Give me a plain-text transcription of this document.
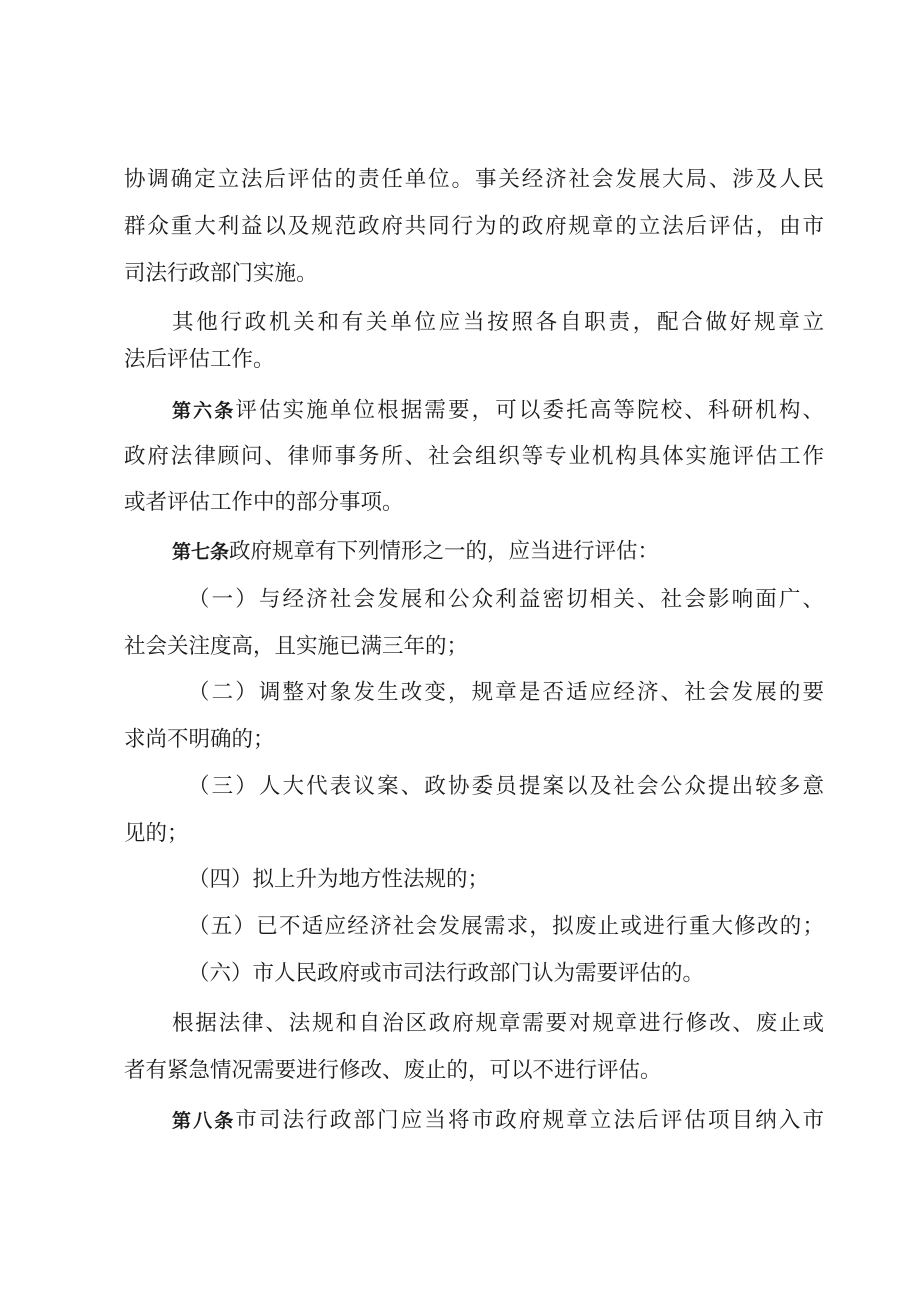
协调确定立法后评估的责任单位。事关经济社会发展大局、涉及人民
群众重大利益以及规范政府共同行为的政府规章的立法后评估，由市
司法行政部门实施。
其他行政机关和有关单位应当按照各自职责，配合做好规章立
法后评估工作。
第六条评估实施单位根据需要，可以委托高等院校、科研机构、
政府法律顾问、律师事务所、社会组织等专业机构具体实施评估工作
或者评估工作中的部分事项。
第七条政府规章有下列情形之一的，应当进行评估：
（一）与经济社会发展和公众利益密切相关、社会影响面广、
社会关注度高，且实施已满三年的；
（二）调整对象发生改变，规章是否适应经济、社会发展的要
求尚不明确的；
（三）人大代表议案、政协委员提案以及社会公众提出较多意
见的；
（四）拟上升为地方性法规的；
（五）已不适应经济社会发展需求，拟废止或进行重大修改的；
（六）市人民政府或市司法行政部门认为需要评估的。
根据法律、法规和自治区政府规章需要对规章进行修改、废止或
者有紧急情况需要进行修改、废止的，可以不进行评估。
第八条市司法行政部门应当将市政府规章立法后评估项目纳入市
